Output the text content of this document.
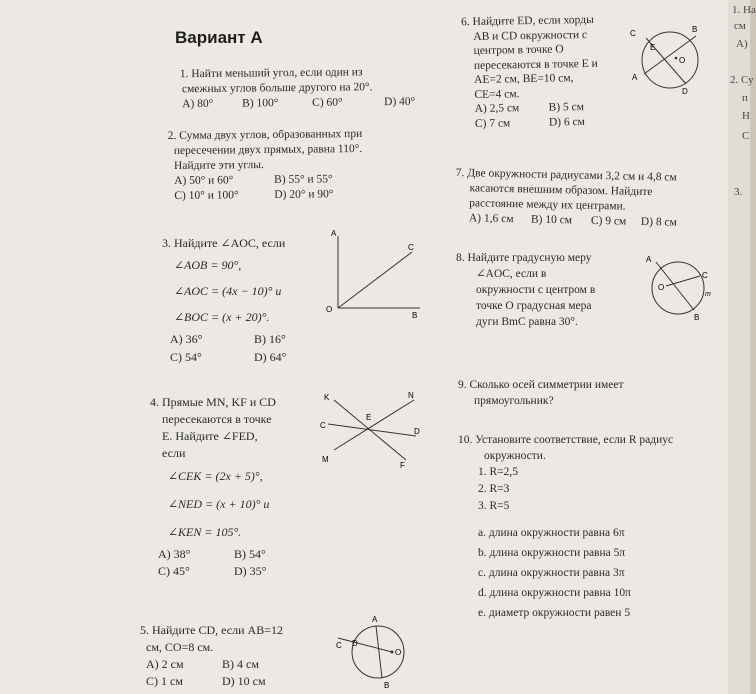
Вариант А
1. Найти меньший угол, если один из
смежных углов больше другого на 20°.
А) 80°	В) 100°	С) 60°	D) 40°
2. Сумма двух углов, образованных при
пересечении двух прямых, равна 110°.
Найдите эти углы.
А) 50° и 60°	В) 55° и 55°
С) 10° и 100°	D) 20° и 90°
3. Найдите ∠AOC, если
∠AOB = 90°,
∠AOC = (4x − 10)° и
∠BOC = (x + 20)°.
А) 36°	В) 16°
С) 54°	D) 64°
A
C
O
B
4. Прямые MN, KF и CD
пересекаются в точке
E. Найдите ∠FED,
если
∠CEK = (2x + 5)°,
∠NED = (x + 10)° и
∠KEN = 105°.
А) 38°	В) 54°
С) 45°	D) 35°
K	N
E
C
D
M
F
5. Найдите CD, если AB=12
см, CO=8 см.
А) 2 см	В) 4 см
С) 1 см	D) 10 см
A
C D
O
B
6. Найдите ED, если хорды
AB и CD окружности с
центром в точке O
пересекаются в точке E и
AE=2 см, BE=10 см,
CE=4 см.
А) 2,5 см	В) 5 см
С) 7 см	D) 6 см
C	B
E
O
A
D
7. Две окружности радиусами 3,2 см и 4,8 см
касаются внешним образом. Найдите
расстояние между их центрами.
А) 1,6 см В) 10 см С) 9 см D) 8 см
8. Найдите градусную меру
∠AOC, если в
окружности с центром в
точке O градусная мера
дуги BmC равна 30°.
A
C
O
m
B
9. Сколько осей симметрии имеет
прямоугольник?
10. Установите соответствие, если R радиус
окружности.
1. R=2,5
2. R=3
3. R=5
a. длина окружности равна 6π
b. длина окружности равна 5π
c. длина окружности равна 3π
d. длина окружности равна 10π
e. диаметр окружности равен 5
1. На
см
А)
2. Су
п
Н
С
3.
